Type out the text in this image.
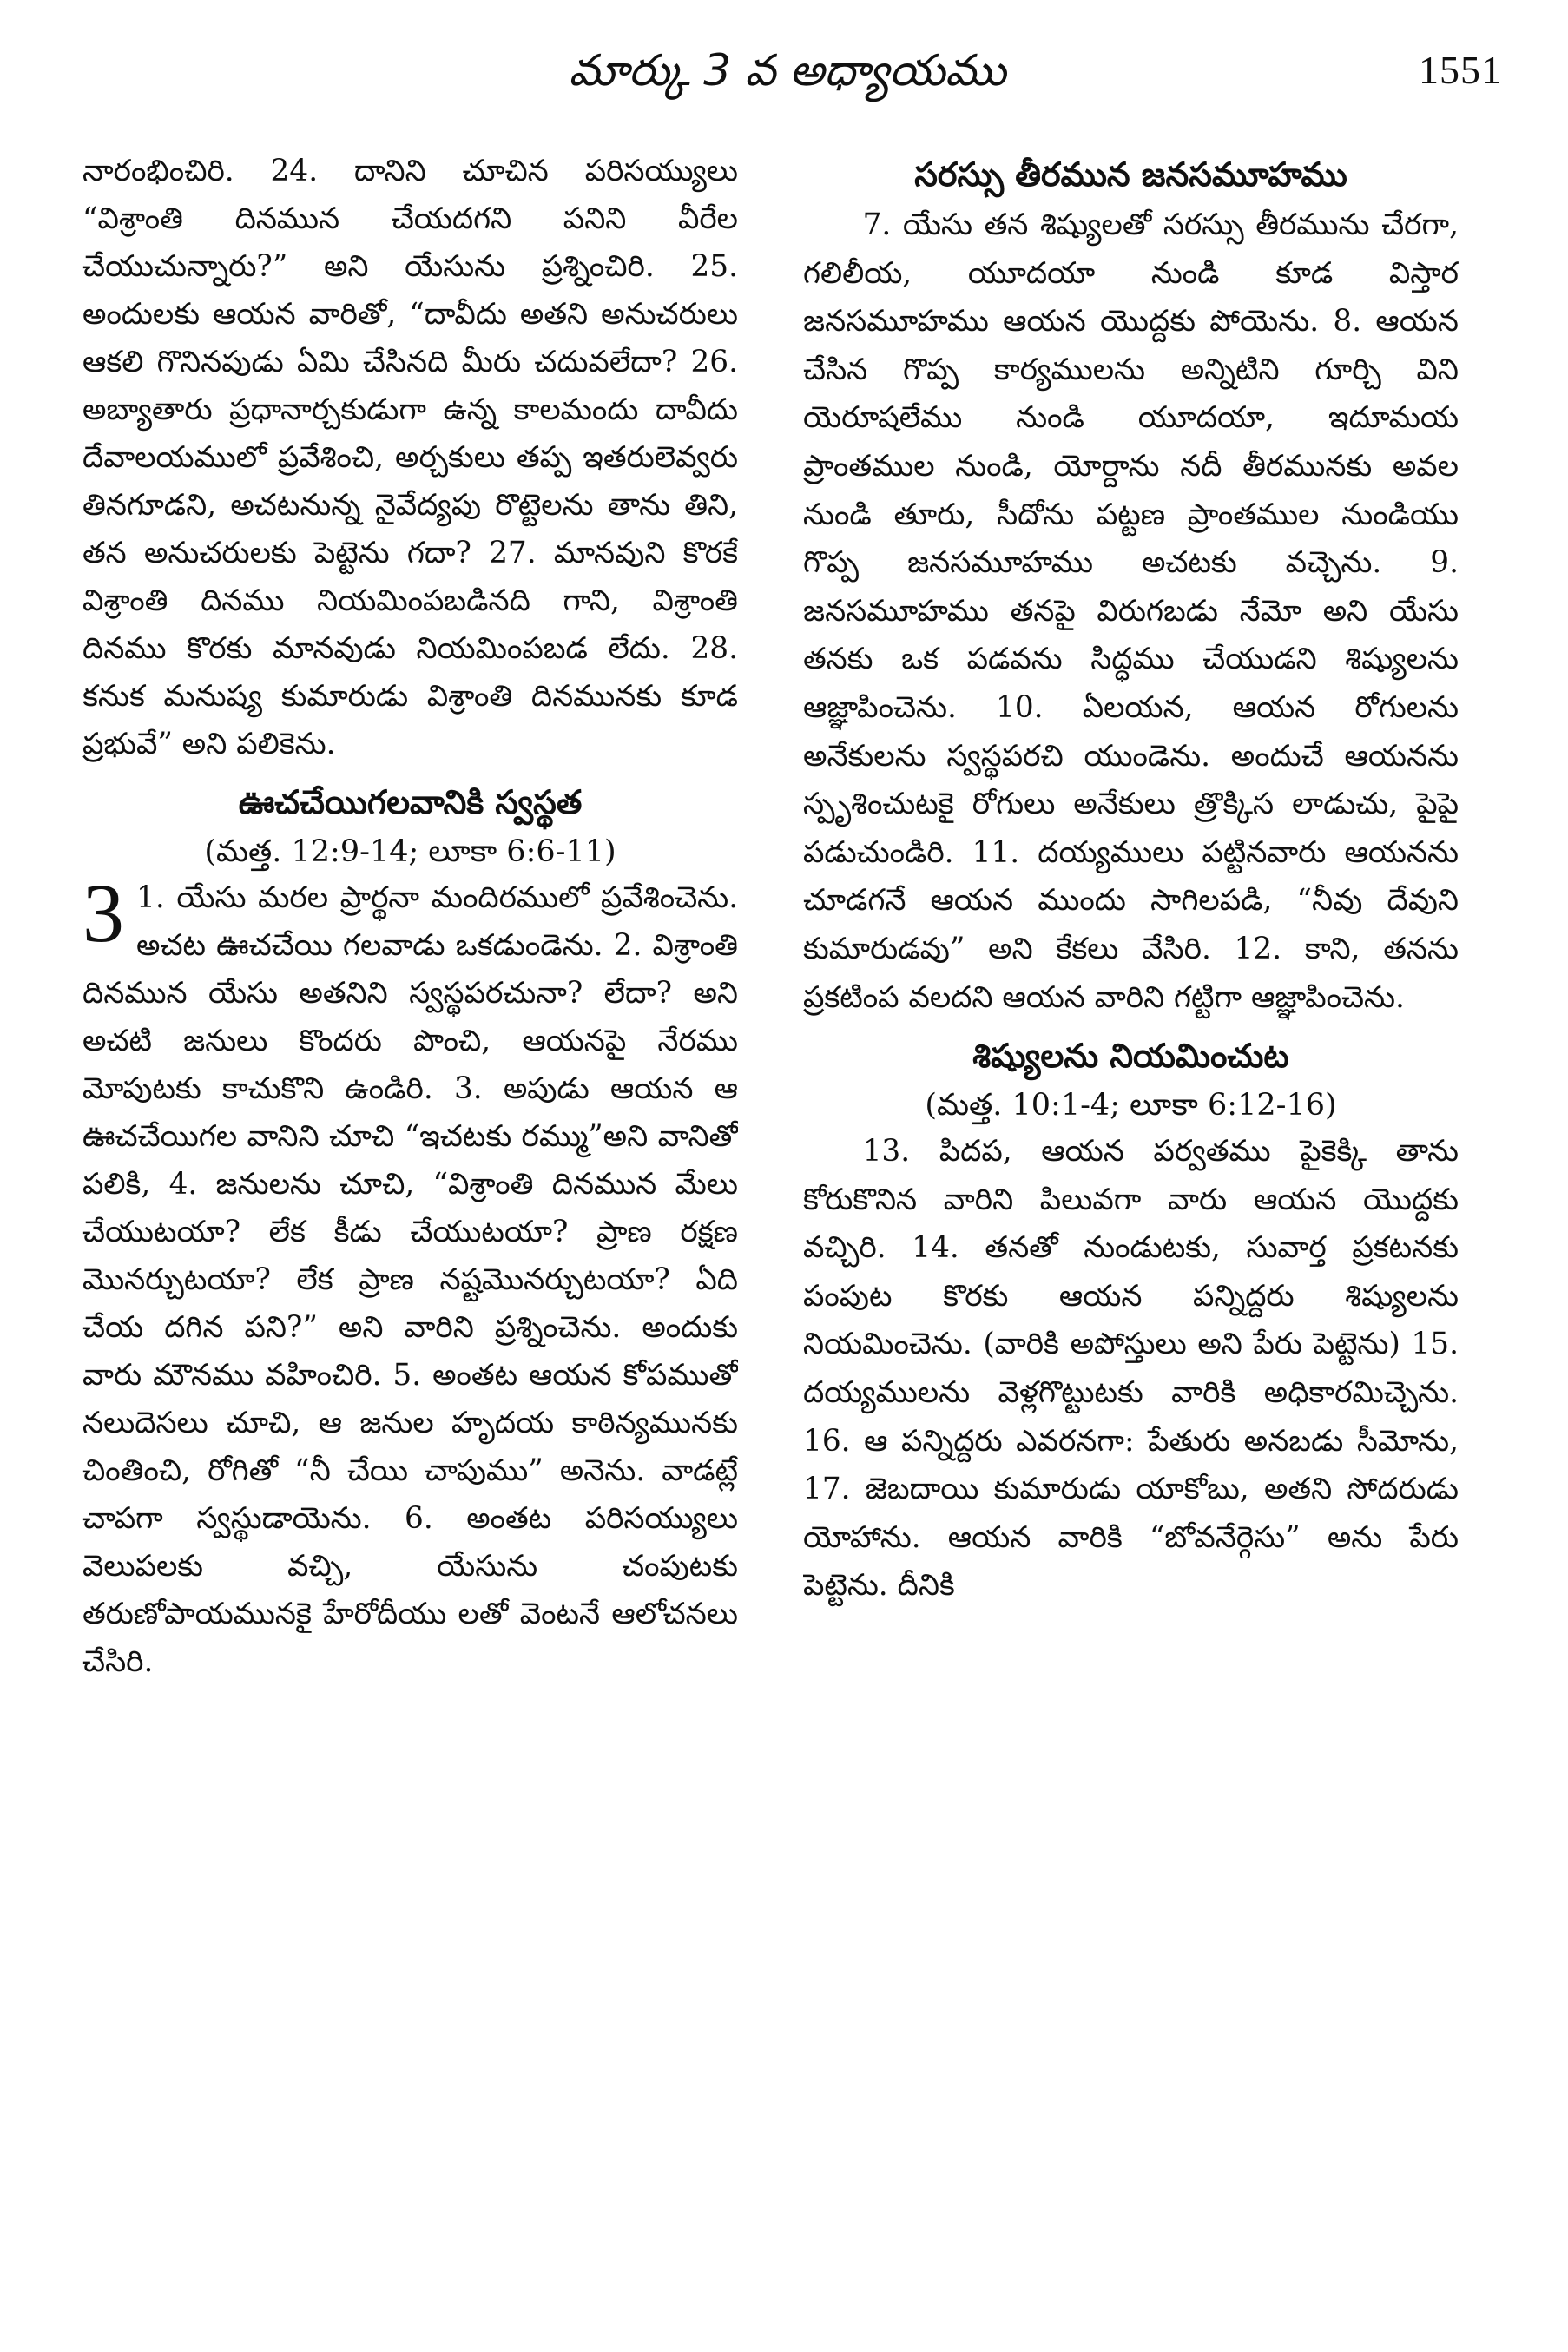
మార్కు 3 వ అధ్యాయము	1551

నారంభించిరి. 24. దానిని చూచిన పరిసయ్యులు “విశ్రాంతి దినమున చేయదగని పనిని వీరేల చేయుచున్నారు?” అని యేసును ప్రశ్నించిరి. 25. అందులకు ఆయన వారితో, “దావీదు అతని అనుచరులు ఆకలి గొనినపుడు ఏమి చేసినది మీరు చదువలేదా? 26. అబ్యాతారు ప్రధానార్చకుడుగా ఉన్న కాలమందు దావీదు దేవాలయములో ప్రవేశించి, అర్చకులు తప్ప ఇతరులెవ్వరు తినగూడని, అచటనున్న నైవేద్యపు రొట్టెలను తాను తిని, తన అనుచరులకు పెట్టెను గదా? 27. మానవుని కొరకే విశ్రాంతి దినము నియమింపబడినది గాని, విశ్రాంతి దినము కొరకు మానవుడు నియమింపబడ లేదు. 28. కనుక మనుష్య కుమారుడు విశ్రాంతి దినమునకు కూడ ప్రభువే” అని పలికెను.

ఊచచేయిగలవానికి స్వస్థత
(మత్త. 12:9-14; లూకా 6:6-11)

3 1. యేసు మరల ప్రార్థనా మందిరములో ప్రవేశించెను. అచట ఊచచేయి గలవాడు ఒకడుండెను. 2. విశ్రాంతి దినమున యేసు అతనిని స్వస్థపరచునా? లేదా? అని అచటి జనులు కొందరు పొంచి, ఆయనపై నేరము మోపుటకు కాచుకొని ఉండిరి. 3. అపుడు ఆయన ఆ ఊచచేయిగల వానిని చూచి “ఇచటకు రమ్ము”అని వానితో పలికి, 4. జనులను చూచి, “విశ్రాంతి దినమున మేలు చేయుటయా? లేక కీడు చేయుటయా? ప్రాణ రక్షణ మొనర్చుటయా? లేక ప్రాణ నష్టమొనర్చుటయా? ఏది చేయ దగిన పని?” అని వారిని ప్రశ్నించెను. అందుకు వారు మౌనము వహించిరి. 5. అంతట ఆయన కోపముతో నలుదెసలు చూచి, ఆ జనుల హృదయ కాఠిన్యమునకు చింతించి, రోగితో “నీ చేయి చాపుము” అనెను. వాడట్లే చాపగా స్వస్థుడాయెను. 6. అంతట పరిసయ్యులు వెలుపలకు వచ్చి, యేసును చంపుటకు తరుణోపాయమునకై హేరోదీయు లతో వెంటనే ఆలోచనలు చేసిరి.

సరస్సు తీరమున జనసమూహము

7. యేసు తన శిష్యులతో సరస్సు తీరమును చేరగా, గలిలీయ, యూదయా నుండి కూడ విస్తార జనసమూహము ఆయన యొద్దకు పోయెను. 8. ఆయన చేసిన గొప్ప కార్యములను అన్నిటిని గూర్చి విని యెరూషలేము నుండి యూదయా, ఇదూమయ ప్రాంతముల నుండి, యోర్దాను నదీ తీరమునకు అవల నుండి తూరు, సీదోను పట్టణ ప్రాంతముల నుండియు గొప్ప జనసమూహము అచటకు వచ్చెను. 9. జనసమూహము తనపై విరుగబడు నేమో అని యేసు తనకు ఒక పడవను సిద్ధము చేయుడని శిష్యులను ఆజ్ఞాపించెను. 10. ఏలయన, ఆయన రోగులను అనేకులను స్వస్థపరచి యుండెను. అందుచే ఆయనను స్పృశించుటకై రోగులు అనేకులు త్రొక్కిస లాడుచు, పైపై పడుచుండిరి. 11. దయ్యములు పట్టినవారు ఆయనను చూడగనే ఆయన ముందు సాగిలపడి, “నీవు దేవుని కుమారుడవు” అని కేకలు వేసిరి. 12. కాని, తనను ప్రకటింప వలదని ఆయన వారిని గట్టిగా ఆజ్ఞాపించెను.

శిష్యులను నియమించుట
(మత్త. 10:1-4; లూకా 6:12-16)

13. పిదప, ఆయన పర్వతము పైకెక్కి తాను కోరుకొనిన వారిని పిలువగా వారు ఆయన యొద్దకు వచ్చిరి. 14. తనతో నుండుటకు, సువార్త ప్రకటనకు పంపుట కొరకు ఆయన పన్నిద్దరు శిష్యులను నియమించెను. (వారికి అపోస్తులు అని పేరు పెట్టెను) 15. దయ్యములను వెళ్లగొట్టుటకు వారికి అధికారమిచ్చెను. 16. ఆ పన్నిద్దరు ఎవరనగా: పేతురు అనబడు సీమోను, 17. జెబదాయి కుమారుడు యాకోబు, అతని సోదరుడు యోహాను. ఆయన వారికి “బోవనేర్గెసు” అను పేరు పెట్టెను. దీనికి
